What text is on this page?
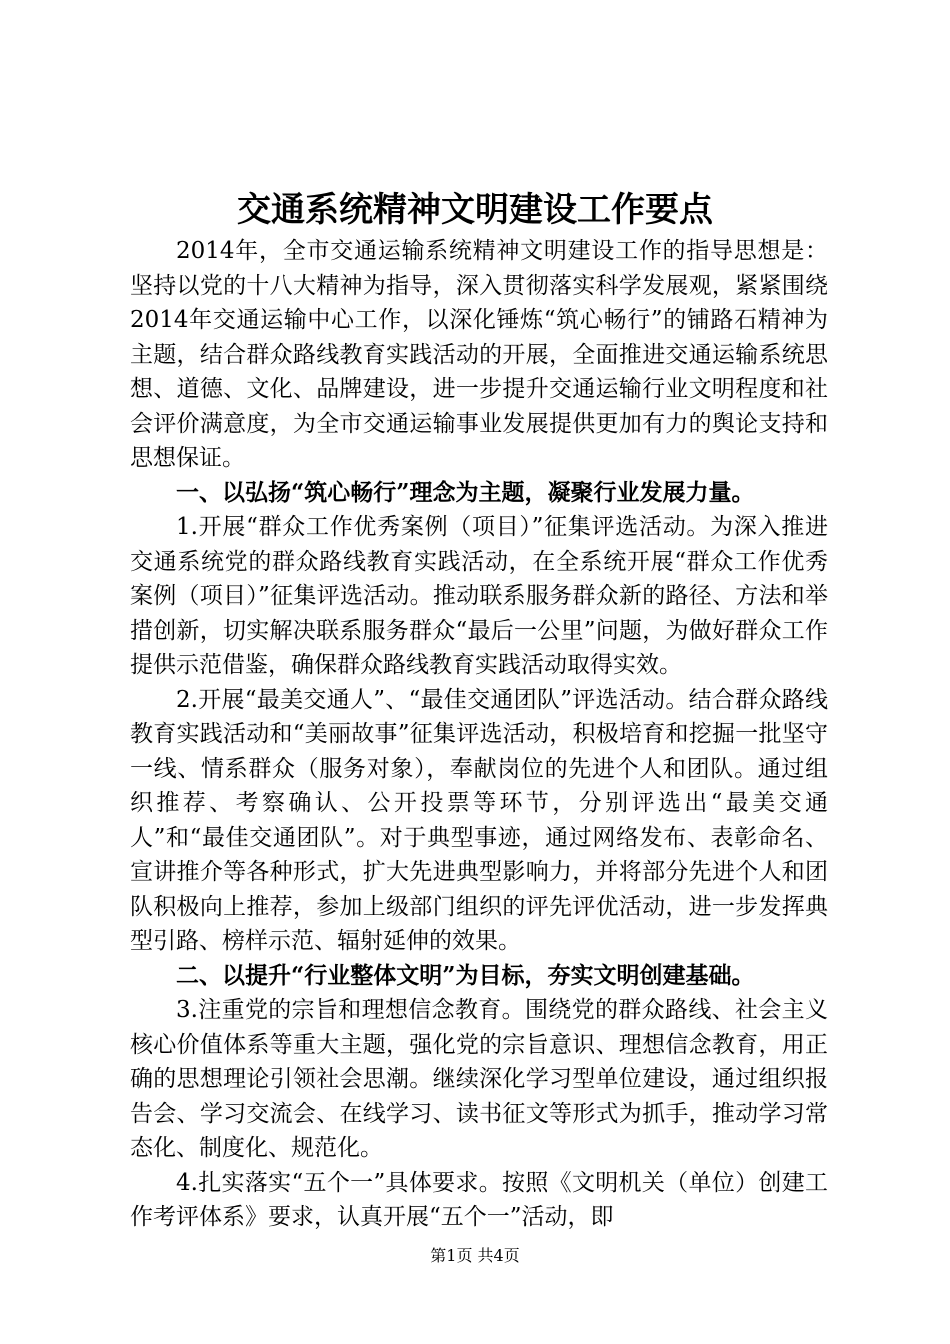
交通系统精神文明建设工作要点

2014年，全市交通运输系统精神文明建设工作的指导思想是：坚持以党的十八大精神为指导，深入贯彻落实科学发展观，紧紧围绕2014年交通运输中心工作，以深化锤炼“筑心畅行”的铺路石精神为主题，结合群众路线教育实践活动的开展，全面推进交通运输系统思想、道德、文化、品牌建设，进一步提升交通运输行业文明程度和社会评价满意度，为全市交通运输事业发展提供更加有力的舆论支持和思想保证。

一、以弘扬“筑心畅行”理念为主题，凝聚行业发展力量。

1.开展“群众工作优秀案例（项目）”征集评选活动。为深入推进交通系统党的群众路线教育实践活动，在全系统开展“群众工作优秀案例（项目）”征集评选活动。推动联系服务群众新的路径、方法和举措创新，切实解决联系服务群众“最后一公里”问题，为做好群众工作提供示范借鉴，确保群众路线教育实践活动取得实效。

2.开展“最美交通人”、“最佳交通团队”评选活动。结合群众路线教育实践活动和“美丽故事”征集评选活动，积极培育和挖掘一批坚守一线、情系群众（服务对象），奉献岗位的先进个人和团队。通过组织推荐、考察确认、公开投票等环节，分别评选出“最美交通人”和“最佳交通团队”。对于典型事迹，通过网络发布、表彰命名、宣讲推介等各种形式，扩大先进典型影响力，并将部分先进个人和团队积极向上推荐，参加上级部门组织的评先评优活动，进一步发挥典型引路、榜样示范、辐射延伸的效果。

二、以提升“行业整体文明”为目标，夯实文明创建基础。

3.注重党的宗旨和理想信念教育。围绕党的群众路线、社会主义核心价值体系等重大主题，强化党的宗旨意识、理想信念教育，用正确的思想理论引领社会思潮。继续深化学习型单位建设，通过组织报告会、学习交流会、在线学习、读书征文等形式为抓手，推动学习常态化、制度化、规范化。

4.扎实落实“五个一”具体要求。按照《文明机关（单位）创建工作考评体系》要求，认真开展“五个一”活动，即

第1页 共4页
